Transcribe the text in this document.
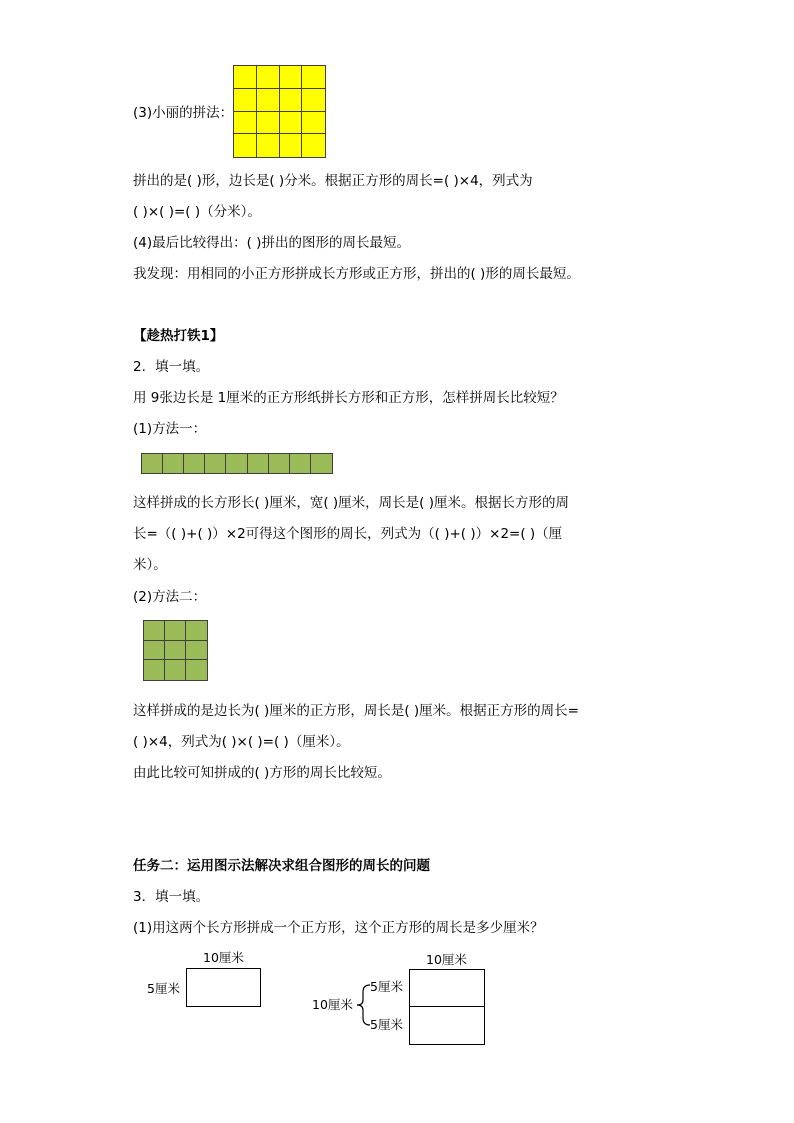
(3)小丽的拼法：
拼出的是( )形，边长是( )分米。根据正方形的周长=( )×4，列式为
( )×( )=( )（分米）。
(4)最后比较得出：( )拼出的图形的周长最短。
我发现：用相同的小正方形拼成长方形或正方形，拼出的( )形的周长最短。
【趁热打铁1】
2．填一填。
用 9张边长是 1厘米的正方形纸拼长方形和正方形，怎样拼周长比较短？
(1)方法一：
这样拼成的长方形长( )厘米，宽( )厘米，周长是( )厘米。根据长方形的周
长=（( )+( )）×2可得这个图形的周长，列式为（( )+( )）×2=( )（厘
米）。
(2)方法二：
这样拼成的是边长为( )厘米的正方形，周长是( )厘米。根据正方形的周长=
( )×4，列式为( )×( )=( )（厘米）。
由此比较可知拼成的( )方形的周长比较短。
任务二：运用图示法解决求组合图形的周长的问题
3．填一填。
(1)用这两个长方形拼成一个正方形，这个正方形的周长是多少厘米？
10厘米
5厘米
10厘米
10厘米
5厘米
5厘米
